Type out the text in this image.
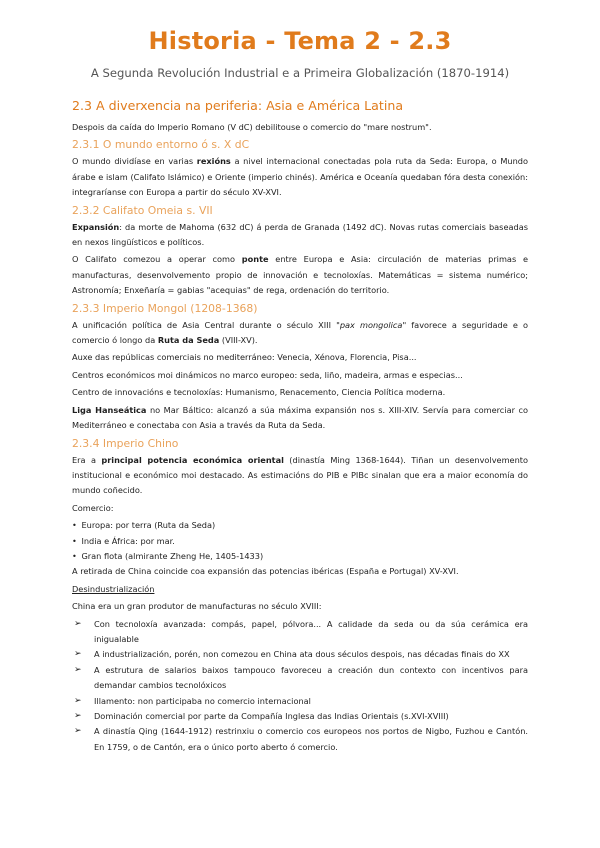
Historia - Tema 2 - 2.3
A Segunda Revolución Industrial e a Primeira Globalización (1870-1914)
2.3 A diverxencia na periferia: Asia e América Latina

Despois da caída do Imperio Romano (V dC) debilitouse o comercio do "mare nostrum".

2.3.1 O mundo entorno ó s. X dC

O mundo dividíase en varias rexións a nivel internacional conectadas pola ruta da Seda: Europa, o Mundo árabe e islam (Califato Islámico) e Oriente (imperio chinés). América e Oceanía quedaban fóra desta conexión: integraríanse con Europa a partir do século XV-XVI.

2.3.2 Califato Omeia s. VII

Expansión: da morte de Mahoma (632 dC) á perda de Granada (1492 dC). Novas rutas comerciais baseadas en nexos lingüísticos e políticos.

O Califato comezou a operar como ponte entre Europa e Asia: circulación de materias primas e manufacturas, desenvolvemento propio de innovación e tecnoloxías. Matemáticas = sistema numérico; Astronomía; Enxeñaría = gabias "acequias" de rega, ordenación do territorio.

2.3.3 Imperio Mongol (1208-1368)

A unificación política de Asia Central durante o século XIII "pax mongolica" favorece a seguridade e o comercio ó longo da Ruta da Seda (VIII-XV).

Auxe das repúblicas comerciais no mediterráneo: Venecia, Xénova, Florencia, Pisa...

Centros económicos moi dinámicos no marco europeo: seda, liño, madeira, armas e especias...

Centro de innovacións e tecnoloxías: Humanismo, Renacemento, Ciencia Política moderna.

Liga Hanseática no Mar Báltico: alcanzó a súa máxima expansión nos s. XIII-XIV. Servía para comerciar co Mediterráneo e conectaba con Asia a través da Ruta da Seda.

2.3.4 Imperio Chino

Era a principal potencia económica oriental (dinastía Ming 1368-1644). Tiñan un desenvolvemento institucional e económico moi destacado. As estimacións do PIB e PIBc sinalan que era a maior economía do mundo coñecido.

Comercio:

• Europa: por terra (Ruta da Seda)
• India e África: por mar.
• Gran flota (almirante Zheng He, 1405-1433)

A retirada de China coincide coa expansión das potencias ibéricas (España e Portugal) XV-XVI.

Desindustrialización

China era un gran produtor de manufacturas no século XVIII:

➢ Con tecnoloxía avanzada: compás, papel, pólvora... A calidade da seda ou da súa cerámica era inigualable
➢ A industrialización, porén, non comezou en China ata dous séculos despois, nas décadas finais do XX
➢ A estrutura de salarios baixos tampouco favoreceu a creación dun contexto con incentivos para demandar cambios tecnolóxicos
➢ Illamento: non participaba no comercio internacional
➢ Dominación comercial por parte da Compañía Inglesa das Indias Orientais (s.XVI-XVIII)
➢ A dinastía Qing (1644-1912) restrinxiu o comercio cos europeos nos portos de Nigbo, Fuzhou e Cantón. En 1759, o de Cantón, era o único porto aberto ó comercio.
